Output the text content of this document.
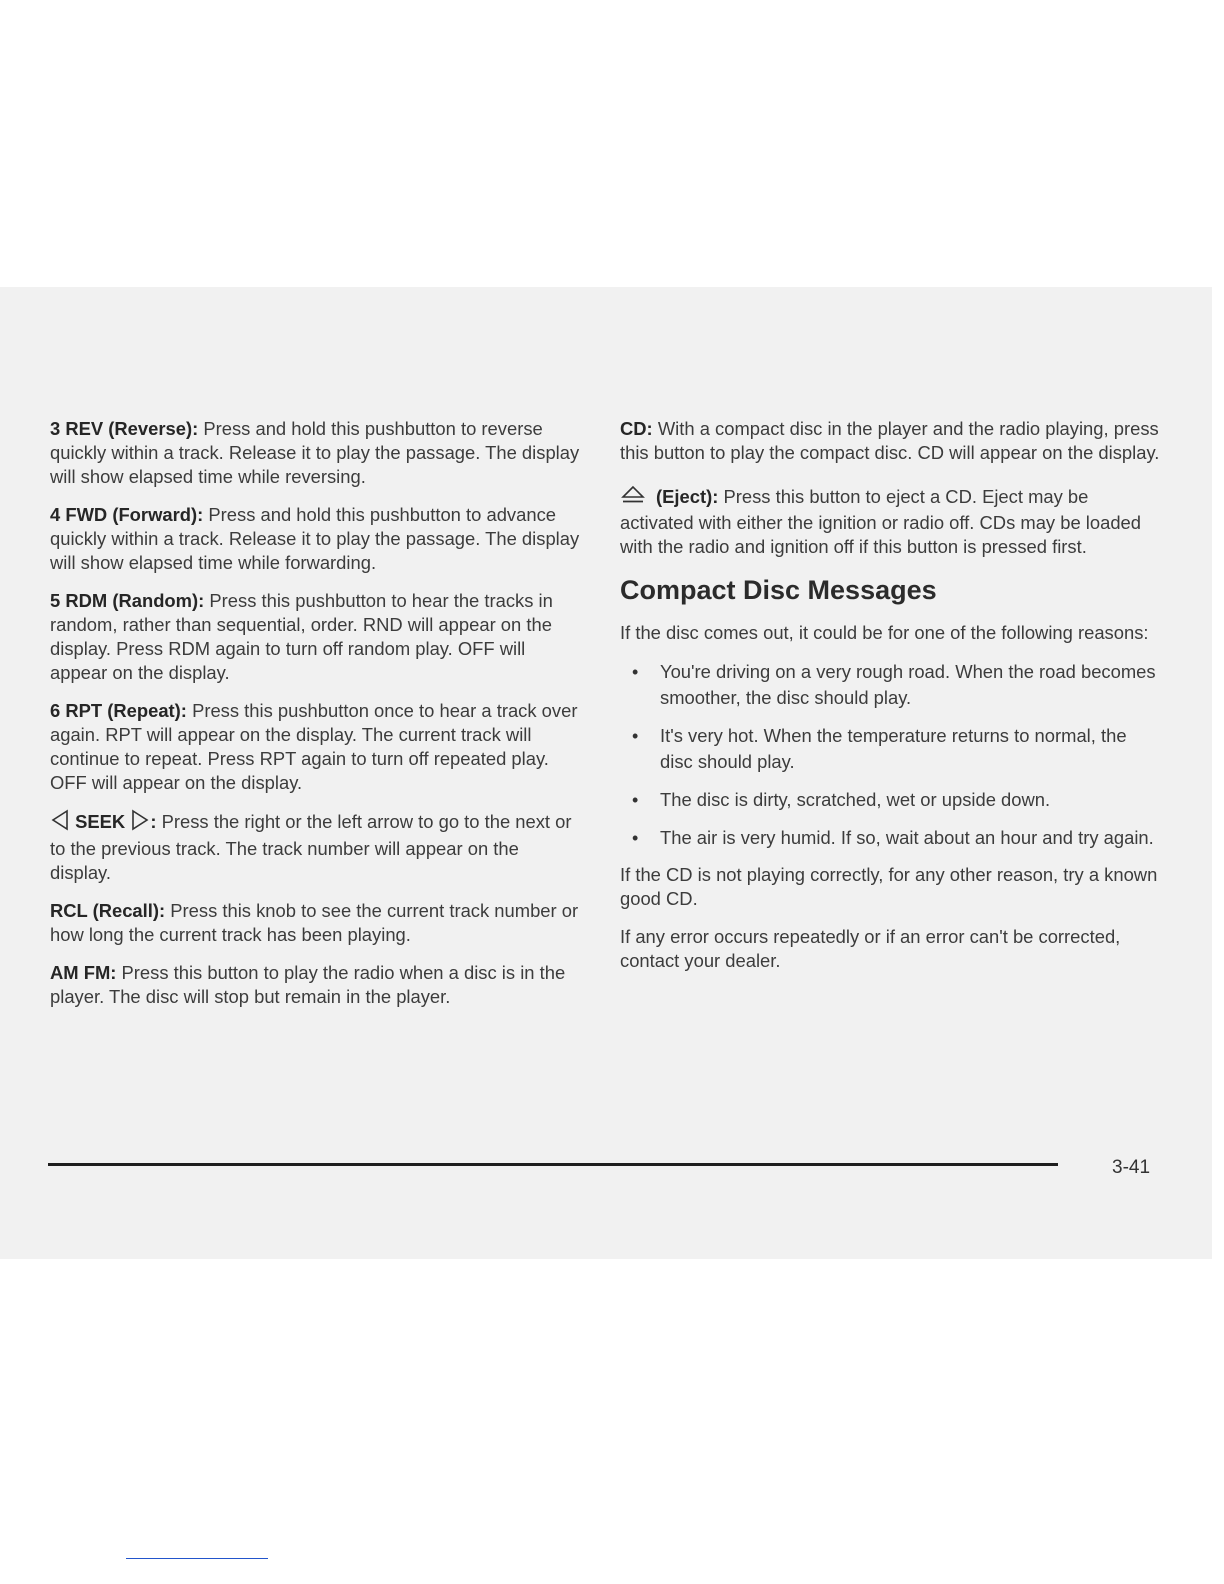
3 REV (Reverse): Press and hold this pushbutton to reverse quickly within a track. Release it to play the passage. The display will show elapsed time while reversing.

4 FWD (Forward): Press and hold this pushbutton to advance quickly within a track. Release it to play the passage. The display will show elapsed time while forwarding.

5 RDM (Random): Press this pushbutton to hear the tracks in random, rather than sequential, order. RND will appear on the display. Press RDM again to turn off random play. OFF will appear on the display.

6 RPT (Repeat): Press this pushbutton once to hear a track over again. RPT will appear on the display. The current track will continue to repeat. Press RPT again to turn off repeated play. OFF will appear on the display.

SEEK : Press the right or the left arrow to go to the next or to the previous track. The track number will appear on the display.

RCL (Recall): Press this knob to see the current track number or how long the current track has been playing.

AM FM: Press this button to play the radio when a disc is in the player. The disc will stop but remain in the player.

CD: With a compact disc in the player and the radio playing, press this button to play the compact disc. CD will appear on the display.

(Eject): Press this button to eject a CD. Eject may be activated with either the ignition or radio off. CDs may be loaded with the radio and ignition off if this button is pressed first.

Compact Disc Messages

If the disc comes out, it could be for one of the following reasons:

• You're driving on a very rough road. When the road becomes smoother, the disc should play.
• It's very hot. When the temperature returns to normal, the disc should play.
• The disc is dirty, scratched, wet or upside down.
• The air is very humid. If so, wait about an hour and try again.

If the CD is not playing correctly, for any other reason, try a known good CD.

If any error occurs repeatedly or if an error can't be corrected, contact your dealer.

3-41
